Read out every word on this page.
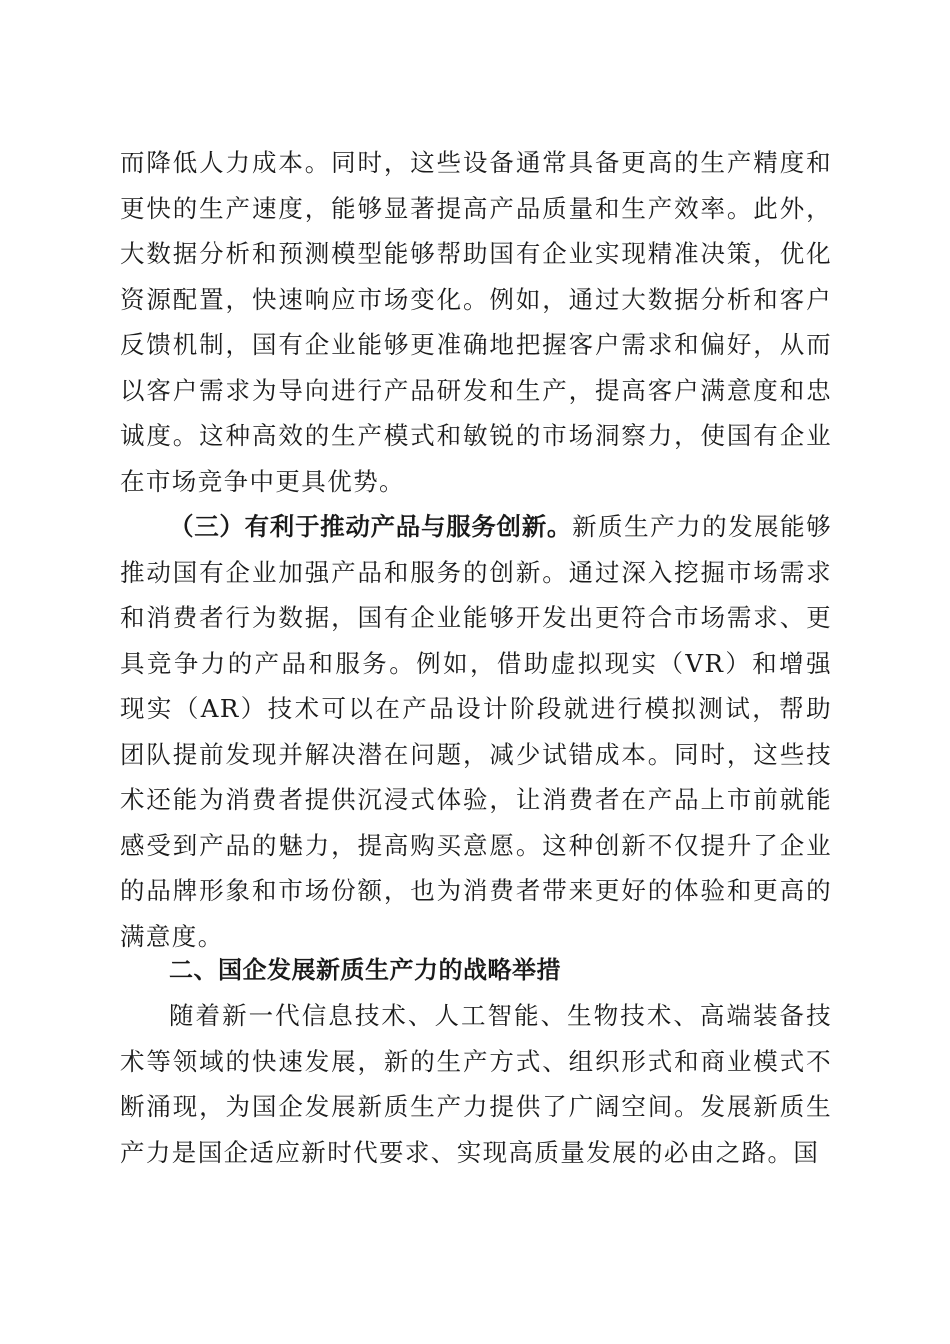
而降低人力成本。同时，这些设备通常具备更高的生产精度和更快的生产速度，能够显著提高产品质量和生产效率。此外，大数据分析和预测模型能够帮助国有企业实现精准决策，优化资源配置，快速响应市场变化。例如，通过大数据分析和客户反馈机制，国有企业能够更准确地把握客户需求和偏好，从而以客户需求为导向进行产品研发和生产，提高客户满意度和忠诚度。这种高效的生产模式和敏锐的市场洞察力，使国有企业在市场竞争中更具优势。

（三）有利于推动产品与服务创新。新质生产力的发展能够推动国有企业加强产品和服务的创新。通过深入挖掘市场需求和消费者行为数据，国有企业能够开发出更符合市场需求、更具竞争力的产品和服务。例如，借助虚拟现实（VR）和增强现实（AR）技术可以在产品设计阶段就进行模拟测试，帮助团队提前发现并解决潜在问题，减少试错成本。同时，这些技术还能为消费者提供沉浸式体验，让消费者在产品上市前就能感受到产品的魅力，提高购买意愿。这种创新不仅提升了企业的品牌形象和市场份额，也为消费者带来更好的体验和更高的满意度。

二、国企发展新质生产力的战略举措

随着新一代信息技术、人工智能、生物技术、高端装备技术等领域的快速发展，新的生产方式、组织形式和商业模式不断涌现，为国企发展新质生产力提供了广阔空间。发展新质生产力是国企适应新时代要求、实现高质量发展的必由之路。国
